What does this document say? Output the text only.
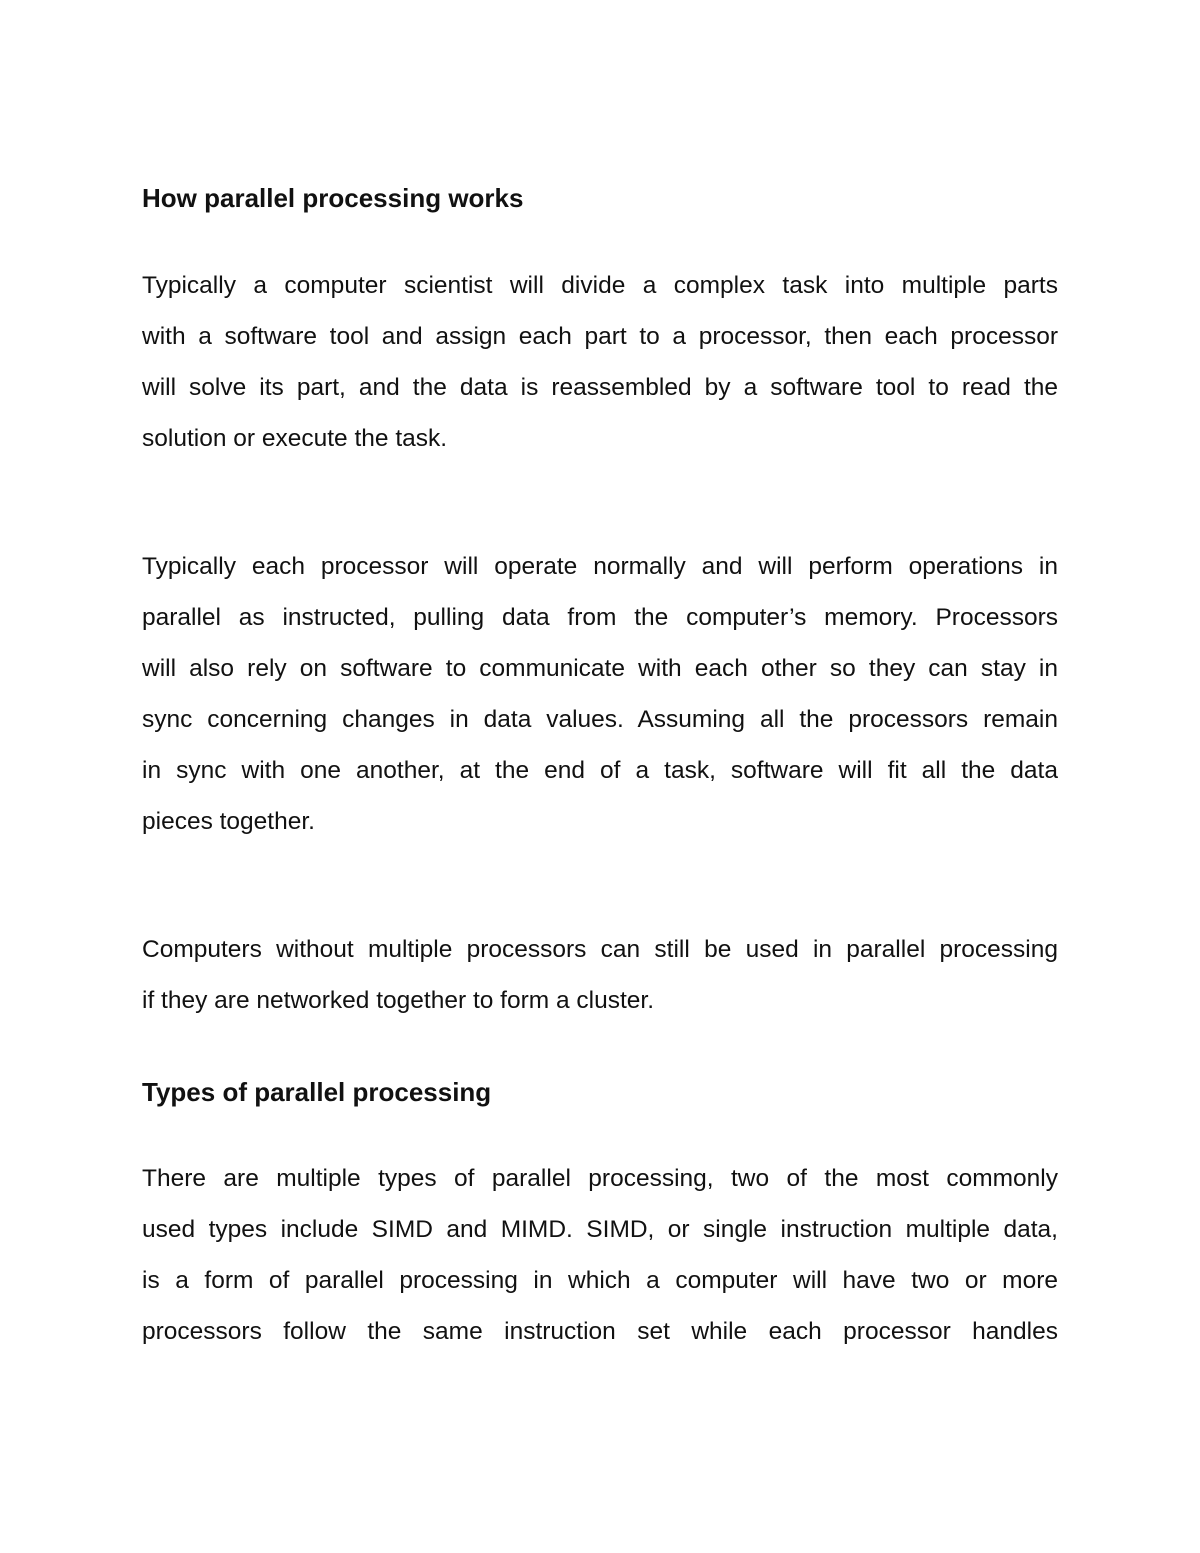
How parallel processing works
Typically a computer scientist will divide a complex task into multiple parts
with a software tool and assign each part to a processor, then each processor
will solve its part, and the data is reassembled by a software tool to read the
solution or execute the task.
Typically each processor will operate normally and will perform operations in
parallel as instructed, pulling data from the computer’s memory. Processors
will also rely on software to communicate with each other so they can stay in
sync concerning changes in data values. Assuming all the processors remain
in sync with one another, at the end of a task, software will fit all the data
pieces together.
Computers without multiple processors can still be used in parallel processing
if they are networked together to form a cluster.
Types of parallel processing
There are multiple types of parallel processing, two of the most commonly
used types include SIMD and MIMD. SIMD, or single instruction multiple data,
is a form of parallel processing in which a computer will have two or more
processors follow the same instruction set while each processor handles
